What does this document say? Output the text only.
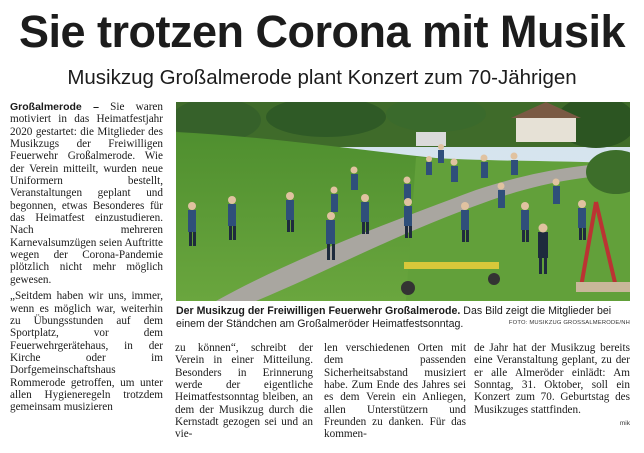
Sie trotzen Corona mit Musik
Musikzug Großalmerode plant Konzert zum 70-Jährigen

Großalmerode – Sie waren motiviert in das Heimatfestjahr 2020 gestartet: die Mitglieder des Musikzugs der Freiwilligen Feuerwehr Großalmerode. Wie der Verein mitteilt, wurden neue Uniformern bestellt, Veranstaltungen geplant und begonnen, etwas Besonderes für das Heimatfest einzustudieren. Nach mehreren Karnevalsumzügen seien Auftritte wegen der Corona-Pandemie plötzlich nicht mehr möglich gewesen.

„Seitdem haben wir uns, immer, wenn es möglich war, weiterhin zu Übungsstunden auf dem Sportplatz, vor dem Feuerwehrgerätehaus, in der Kirche oder im Dorfgemeinschaftshaus Rommerode getroffen, um unter allen Hygieneregeln trotzdem gemeinsam musizieren

Der Musikzug der Freiwilligen Feuerwehr Großalmerode. Das Bild zeigt die Mitglieder bei einem der Ständchen am Großalmeröder Heimatfestsonntag.	FOTO: MUSIKZUG GROSSALMERODE/NH
zu können“, schreibt der Verein in einer Mitteilung. Besonders in Erinnerung werde der eigentliche Heimatfestsonntag bleiben, an dem der Musikzug durch die Kernstadt gezogen sei und an vie-
len verschiedenen Orten mit dem passenden Sicherheitsabstand musiziert habe. Zum Ende des Jahres sei es dem Verein ein Anliegen, allen Unterstützern und Freunden zu danken. Für das kommen-
de Jahr hat der Musikzug bereits eine Veranstaltung geplant, zu der er alle Almeröder einlädt: Am Sonntag, 31. Oktober, soll ein Konzert zum 70. Geburtstag des Musikzuges stattfinden.
mik
